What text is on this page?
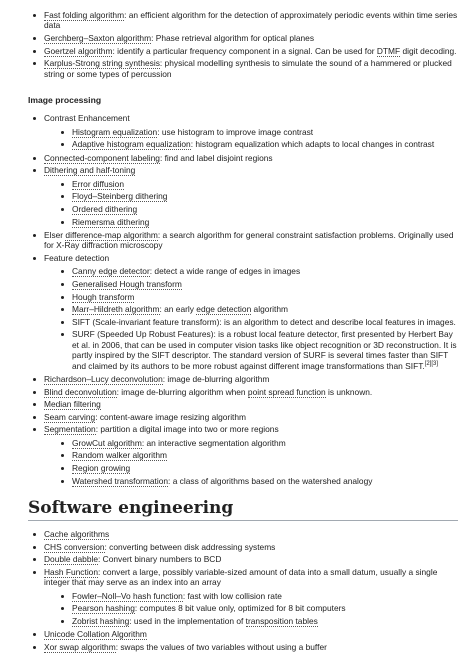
Fast folding algorithm: an efficient algorithm for the detection of approximately periodic events within time series data
Gerchberg–Saxton algorithm: Phase retrieval algorithm for optical planes
Goertzel algorithm: identify a particular frequency component in a signal. Can be used for DTMF digit decoding.
Karplus-Strong string synthesis: physical modelling synthesis to simulate the sound of a hammered or plucked string or some types of percussion
Image processing
Contrast Enhancement
Histogram equalization: use histogram to improve image contrast
Adaptive histogram equalization: histogram equalization which adapts to local changes in contrast
Connected-component labeling: find and label disjoint regions
Dithering and half-toning
Error diffusion
Floyd–Steinberg dithering
Ordered dithering
Riemersma dithering
Elser difference-map algorithm: a search algorithm for general constraint satisfaction problems. Originally used for X-Ray diffraction microscopy
Feature detection
Canny edge detector: detect a wide range of edges in images
Generalised Hough transform
Hough transform
Marr–Hildreth algorithm: an early edge detection algorithm
SIFT (Scale-invariant feature transform): is an algorithm to detect and describe local features in images.
SURF (Speeded Up Robust Features): is a robust local feature detector, first presented by Herbert Bay et al. in 2006, that can be used in computer vision tasks like object recognition or 3D reconstruction. It is partly inspired by the SIFT descriptor. The standard version of SURF is several times faster than SIFT and claimed by its authors to be more robust against different image transformations than SIFT.[2][3]
Richardson–Lucy deconvolution: image de-blurring algorithm
Blind deconvolution: image de-blurring algorithm when point spread function is unknown.
Median filtering
Seam carving: content-aware image resizing algorithm
Segmentation: partition a digital image into two or more regions
GrowCut algorithm: an interactive segmentation algorithm
Random walker algorithm
Region growing
Watershed transformation: a class of algorithms based on the watershed analogy
Software engineering
Cache algorithms
CHS conversion: converting between disk addressing systems
Double dabble: Convert binary numbers to BCD
Hash Function: convert a large, possibly variable-sized amount of data into a small datum, usually a single integer that may serve as an index into an array
Fowler–Noll–Vo hash function: fast with low collision rate
Pearson hashing: computes 8 bit value only, optimized for 8 bit computers
Zobrist hashing: used in the implementation of transposition tables
Unicode Collation Algorithm
Xor swap algorithm: swaps the values of two variables without using a buffer
